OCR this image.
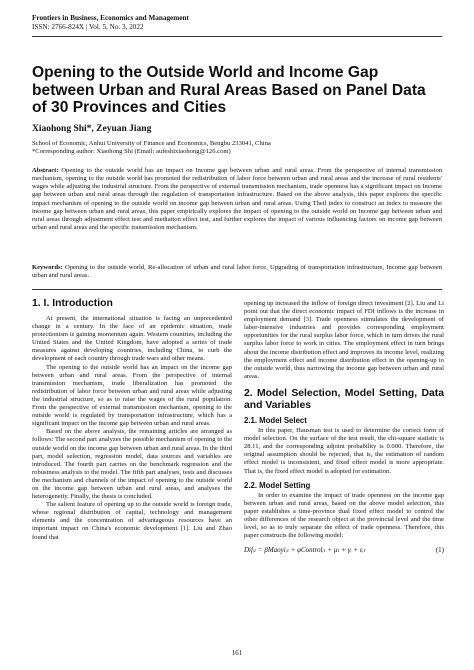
Frontiers in Business, Economics and Management
ISSN: 2766-824X | Vol. 5, No. 3, 2022
Opening to the Outside World and Income Gap between Urban and Rural Areas Based on Panel Data of 30 Provinces and Cities
Xiaohong Shi*, Zeyuan Jiang
School of Economic, Anhui University of Finance and Economics, Bengbu 233041, China
*Corresponding author: Xiaohong Shi (Email: aufeshixiaohong@126.com)
Abstract: Opening to the outside world has an impact on Income gap between urban and rural areas. From the perspective of internal transmission mechanism, opening to the outside world has promoted the redistribution of labor force between urban and rural areas and the increase of rural residents' wages while adjusting the industrial structure. From the perspective of external transmission mechanism, trade openness has a significant impact on Income gap between urban and rural areas through the regulation of transportation infrastructure. Based on the above analysis, this paper explores the specific impact mechanism of opening to the outside world on income gap between urban and rural areas. Using Theil index to construct an index to measure the income gap between urban and rural areas, this paper empirically explores the impact of opening to the outside world on Income gap between urban and rural areas through adjustment effect test and mediation effect test, and further explores the impact of various influencing factors on income gap between urban and rural areas and the specific transmission mechanism.
Keywords: Opening to the outside world, Re-allocation of urban and rural labor force, Upgrading of transportation infrastructure, Income gap between urban and rural areas.
1. I. Introduction

At present, the international situation is facing an unprecedented change in a century. In the face of an epidemic situation, trade protectionism is gaining momentum again. Western countries, including the United States and the United Kingdom, have adopted a series of trade measures against developing countries, including China, to curb the development of each country through trade wars and other means.

The opening to the outside world has an impact on the income gap between urban and rural areas. From the perspective of internal transmission mechanism, trade liberalization has promoted the redistribution of labor force between urban and rural areas while adjusting the industrial structure, so as to raise the wages of the rural population. From the perspective of external transmission mechanism, opening to the outside world is regulated by transportation infrastructure, which has a significant impact on the income gap between urban and rural areas.

Based on the above analysis, the remaining articles are arranged as follows: The second part analyzes the possible mechanism of opening to the outside world on the income gap between urban and rural areas. In the third part, model selection, regression model, data sources and variables are introduced. The fourth part carries on the benchmark regression and the robustness analysis to the model. The fifth part analyses, tests and discusses the mechanism and channels of the impact of opening to the outside world on the income gap between urban and rural areas, and analyses the heterogeneity. Finally, the thesis is concluded.

The salient feature of opening up to the outside world is foreign trade, whose regional distribution of capital, technology and management elements and the concentration of advantageous resources have an important impact on China's economic development [1]. Liu and Zhao found that

opening up increased the inflow of foreign direct investment [2]. Liu and Li point out that the direct economic impact of FDI inflows is the increase in employment demand [3]. Trade openness stimulates the development of labor-intensive industries and provides corresponding employment opportunities for the rural surplus labor force, which in turn drives the rural surplus labor force to work in cities. The employment effect in turn brings about the income distribution effect and improves its income level, realizing the employment effect and income distribution effect in the opening-up to the outside world, thus narrowing the income gap between urban and rural areas.

2. Model Selection, Model Setting, Data and Variables
2.1. Model Select

In this paper, Hausman test is used to determine the correct form of model selection. On the surface of the test result, the chi-square statistic is 28.11, and the corresponding adjoint probability is 0.000. Therefore, the original assumption should be rejected, that is, the estimation of random effect model is inconsistent, and fixed effect model is more appropriate. That is, the fixed effect model is adopted for estimation.

2.2. Model Setting

In order to examine the impact of trade openness on the income gap between urban and rural areas, based on the above model selection, this paper establishes a time-province dual fixed effect model to control the other differences of the research object at the provincial level and the time level, so as to truly separate the effect of trade openness. Therefore, this paper constructs the following model:

Difᵢₜ = βMaoyiᵢₜ + φControlᵢₜ + μₜ + γᵢ + εᵢₜ	(1)
161
